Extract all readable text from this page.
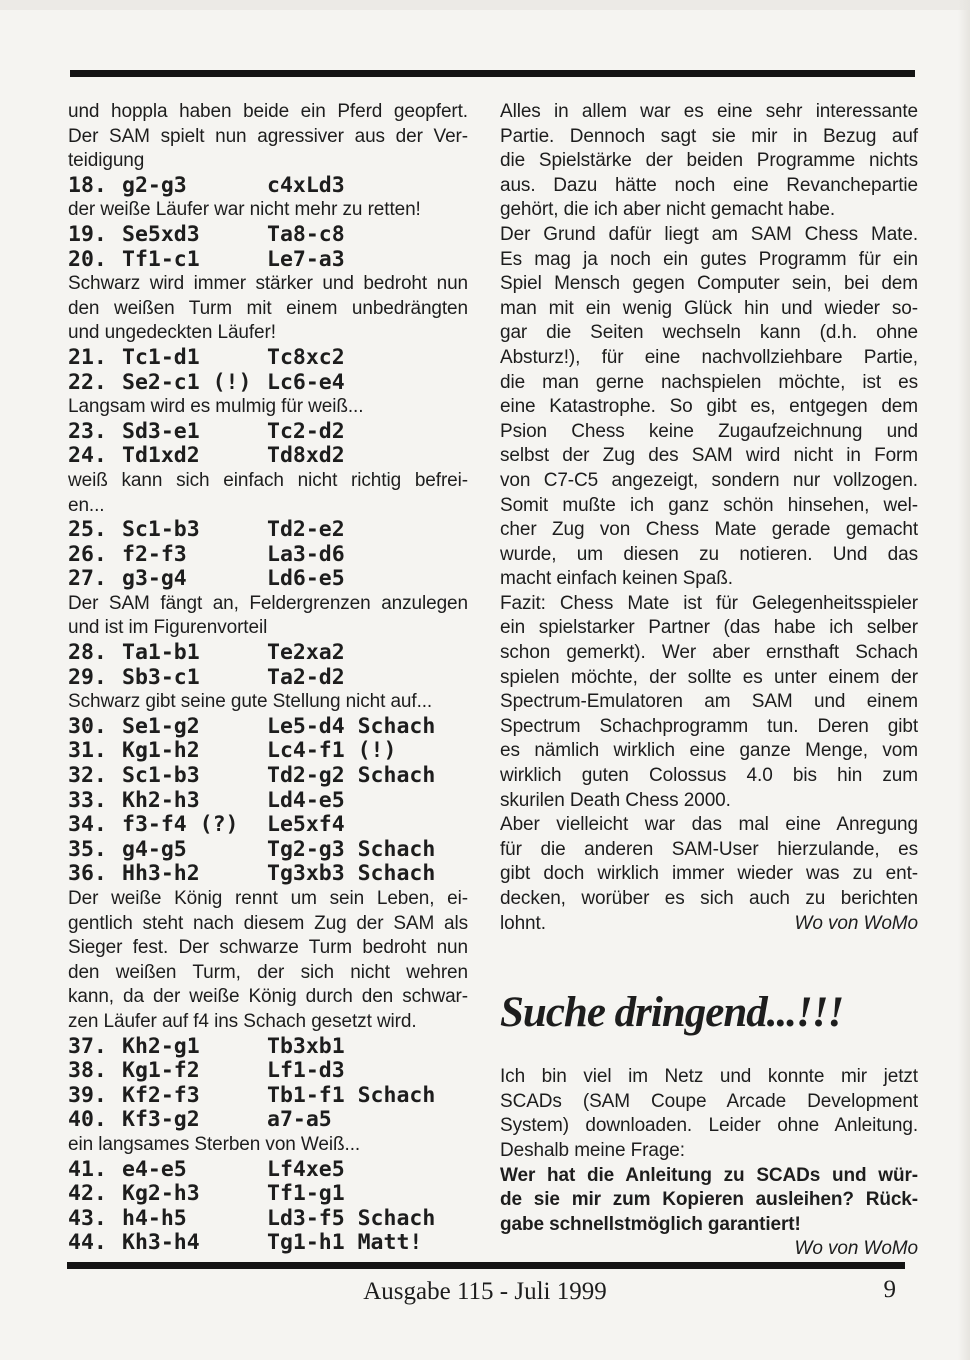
und hoppla haben beide ein Pferd geopfert.
Der SAM spielt nun agressiver aus der Ver-
teidigung
18. g2-g3	c4xLd3
der weiße Läufer war nicht mehr zu retten!
19. Se5xd3	Ta8-c8
20. Tf1-c1	Le7-a3
Schwarz wird immer stärker und bedroht nun
den weißen Turm mit einem unbedrängten
und ungedeckten Läufer!
21. Tc1-d1	Tc8xc2
22. Se2-c1 (!) Lc6-e4
Langsam wird es mulmig für weiß...
23. Sd3-e1	Tc2-d2
24. Td1xd2	Td8xd2
weiß kann sich einfach nicht richtig befrei-
en...
25. Sc1-b3	Td2-e2
26. f2-f3	La3-d6
27. g3-g4	Ld6-e5
Der SAM fängt an, Feldergrenzen anzulegen
und ist im Figurenvorteil
28. Ta1-b1	Te2xa2
29. Sb3-c1	Ta2-d2
Schwarz gibt seine gute Stellung nicht auf...
30. Se1-g2	Le5-d4 Schach
31. Kg1-h2	Lc4-f1 (!)
32. Sc1-b3	Td2-g2 Schach
33. Kh2-h3	Ld4-e5
34. f3-f4 (?)	Le5xf4
35. g4-g5	Tg2-g3 Schach
36. Hh3-h2	Tg3xb3 Schach
Der weiße König rennt um sein Leben, ei-
gentlich steht nach diesem Zug der SAM als
Sieger fest. Der schwarze Turm bedroht nun
den weißen Turm, der sich nicht wehren
kann, da der weiße König durch den schwar-
zen Läufer auf f4 ins Schach gesetzt wird.
37. Kh2-g1	Tb3xb1
38. Kg1-f2	Lf1-d3
39. Kf2-f3	Tb1-f1 Schach
40. Kf3-g2	a7-a5
ein langsames Sterben von Weiß...
41. e4-e5	Lf4xe5
42. Kg2-h3	Tf1-g1
43. h4-h5	Ld3-f5 Schach
44. Kh3-h4	Tg1-h1 Matt!
Alles in allem war es eine sehr interessante
Partie. Dennoch sagt sie mir in Bezug auf
die Spielstärke der beiden Programme nichts
aus. Dazu hätte noch eine Revanchepartie
gehört, die ich aber nicht gemacht habe.
Der Grund dafür liegt am SAM Chess Mate.
Es mag ja noch ein gutes Programm für ein
Spiel Mensch gegen Computer sein, bei dem
man mit ein wenig Glück hin und wieder so-
gar die Seiten wechseln kann (d.h. ohne
Absturz!), für eine nachvollziehbare Partie,
die man gerne nachspielen möchte, ist es
eine Katastrophe. So gibt es, entgegen dem
Psion Chess keine Zugaufzeichnung und
selbst der Zug des SAM wird nicht in Form
von C7-C5 angezeigt, sondern nur vollzogen.
Somit mußte ich ganz schön hinsehen, wel-
cher Zug von Chess Mate gerade gemacht
wurde, um diesen zu notieren. Und das
macht einfach keinen Spaß.
Fazit: Chess Mate ist für Gelegenheitsspieler
ein spielstarker Partner (das habe ich selber
schon gemerkt). Wer aber ernsthaft Schach
spielen möchte, der sollte es unter einem der
Spectrum-Emulatoren am SAM und einem
Spectrum Schachprogramm tun. Deren gibt
es nämlich wirklich eine ganze Menge, vom
wirklich guten Colossus 4.0 bis hin zum
skurilen Death Chess 2000.
Aber vielleicht war das mal eine Anregung
für die anderen SAM-User hierzulande, es
gibt doch wirklich immer wieder was zu ent-
decken, worüber es sich auch zu berichten
lohnt.	Wo von WoMo
Suche dringend...!!!
Ich bin viel im Netz und konnte mir jetzt
SCADs (SAM Coupe Arcade Development
System) downloaden. Leider ohne Anleitung.
Deshalb meine Frage:
Wer hat die Anleitung zu SCADs und wür-
de sie mir zum Kopieren ausleihen? Rück-
gabe schnellstmöglich garantiert!
Wo von WoMo
Ausgabe 115 - Juli 1999	9
